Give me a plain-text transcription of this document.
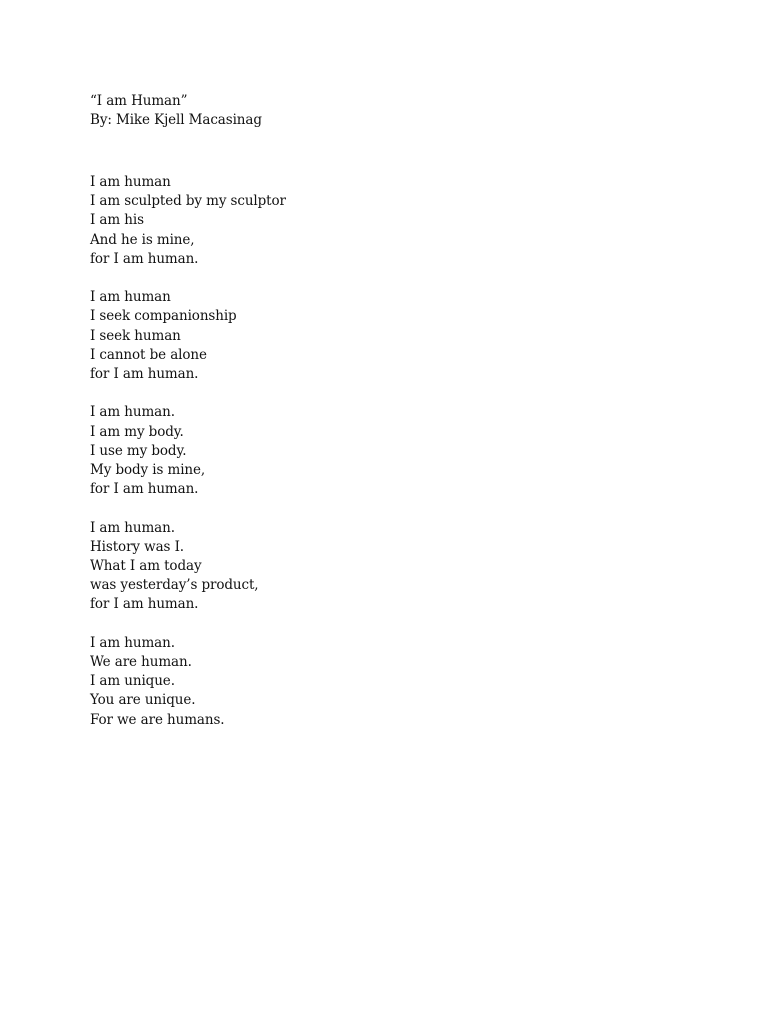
“I am Human”
By: Mike Kjell Macasinag
I am human
I am sculpted by my sculptor
I am his
And he is mine,
for I am human.
I am human
I seek companionship
I seek human
I cannot be alone
for I am human.
I am human.
I am my body.
I use my body.
My body is mine,
for I am human.
I am human.
History was I.
What I am today
was yesterday’s product,
for I am human.
I am human.
We are human.
I am unique.
You are unique.
For we are humans.
